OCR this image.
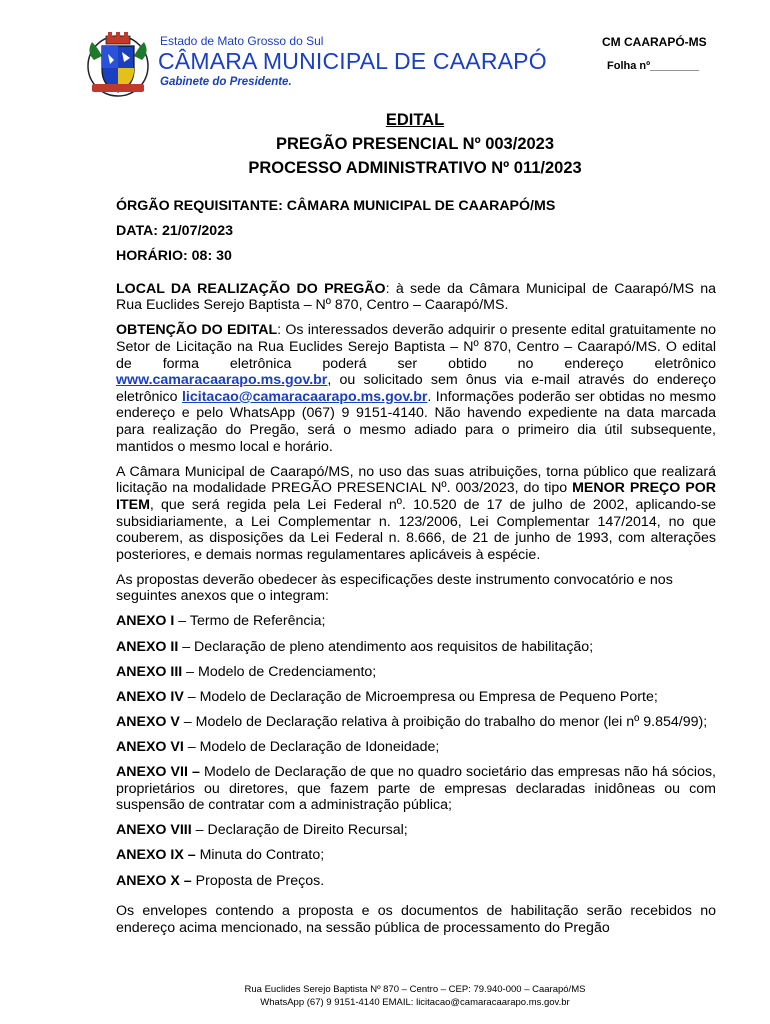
Estado de Mato Grosso do Sul
CÂMARA MUNICIPAL DE CAARAPÓ
Gabinete do Presidente.
CM CAARAPÓ-MS
Folha nº________
EDITAL
PREGÃO PRESENCIAL Nº 003/2023
PROCESSO ADMINISTRATIVO Nº 011/2023

ÓRGÃO REQUISITANTE: CÂMARA MUNICIPAL DE CAARAPÓ/MS

DATA: 21/07/2023

HORÁRIO: 08: 30

LOCAL DA REALIZAÇÃO DO PREGÃO: à sede da Câmara Municipal de Caarapó/MS na Rua Euclides Serejo Baptista – Nº 870, Centro – Caarapó/MS.

OBTENÇÃO DO EDITAL: Os interessados deverão adquirir o presente edital gratuitamente no Setor de Licitação na Rua Euclides Serejo Baptista – Nº 870, Centro – Caarapó/MS. O edital de forma eletrônica poderá ser obtido no endereço eletrônico www.camaracaarapo.ms.gov.br, ou solicitado sem ônus via e-mail através do endereço eletrônico licitacao@camaracaarapo.ms.gov.br. Informações poderão ser obtidas no mesmo endereço e pelo WhatsApp (067) 9 9151-4140. Não havendo expediente na data marcada para realização do Pregão, será o mesmo adiado para o primeiro dia útil subsequente, mantidos o mesmo local e horário.

A Câmara Municipal de Caarapó/MS, no uso das suas atribuições, torna público que realizará licitação na modalidade PREGÃO PRESENCIAL Nº. 003/2023, do tipo MENOR PREÇO POR ITEM, que será regida pela Lei Federal nº. 10.520 de 17 de julho de 2002, aplicando-se subsidiariamente, a Lei Complementar n. 123/2006, Lei Complementar 147/2014, no que couberem, as disposições da Lei Federal n. 8.666, de 21 de junho de 1993, com alterações posteriores, e demais normas regulamentares aplicáveis à espécie.

As propostas deverão obedecer às especificações deste instrumento convocatório e nos seguintes anexos que o integram:

ANEXO I – Termo de Referência;

ANEXO II – Declaração de pleno atendimento aos requisitos de habilitação;

ANEXO III – Modelo de Credenciamento;

ANEXO IV – Modelo de Declaração de Microempresa ou Empresa de Pequeno Porte;

ANEXO V – Modelo de Declaração relativa à proibição do trabalho do menor (lei nº 9.854/99);

ANEXO VI – Modelo de Declaração de Idoneidade;

ANEXO VII – Modelo de Declaração de que no quadro societário das empresas não há sócios, proprietários ou diretores, que fazem parte de empresas declaradas inidôneas ou com suspensão de contratar com a administração pública;

ANEXO VIII – Declaração de Direito Recursal;

ANEXO IX – Minuta do Contrato;

ANEXO X – Proposta de Preços.

Os envelopes contendo a proposta e os documentos de habilitação serão recebidos no endereço acima mencionado, na sessão pública de processamento do Pregão

Rua Euclides Serejo Baptista Nº 870 – Centro – CEP: 79.940-000 – Caarapó/MS
WhatsApp (67) 9 9151-4140 EMAIL: licitacao@camaracaarapo.ms.gov.br
